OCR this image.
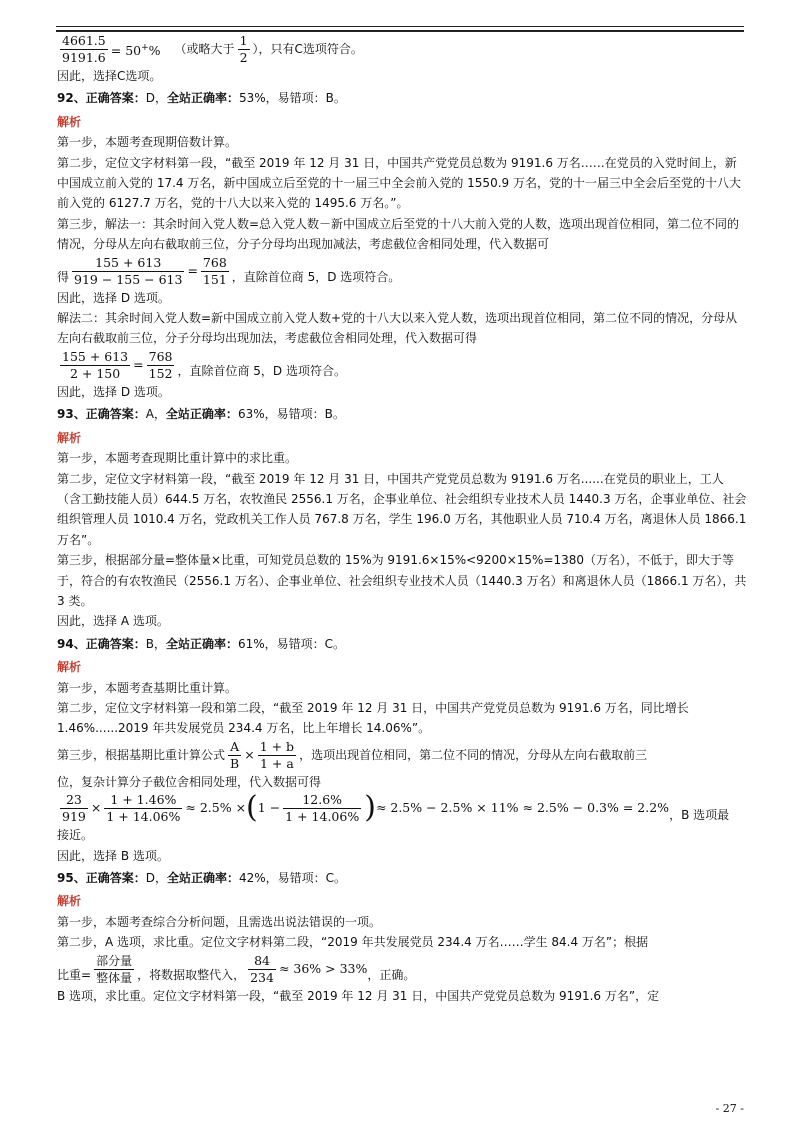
$\frac{4661.5}{9191.6} = 50^+\%$ （或略大于 $\frac{1}{2}$ ），只有C选项符合。
因此，选择C选项。
92、正确答案：D，全站正确率：53%，易错项：B。
解析
第一步，本题考查现期倍数计算。
第二步，定位文字材料第一段，“截至 2019 年 12 月 31 日，中国共产党党员总数为 9191.6 万名……在党员的入党时间上，新中国成立前入党的 17.4 万名，新中国成立后至党的十一届三中全会前入党的 1550.9 万名，党的十一届三中全会后至党的十八大前入党的 6127.7 万名，党的十八大以来入党的 1495.6 万名。”。
第三步，解法一：其余时间入党人数=总入党人数－新中国成立后至党的十八大前入党的人数，选项出现首位相同，第二位不同的情况，分母从左向右截取前三位，分子分母均出现加减法，考虑截位舍相同处理，代入数据可
得 $\frac{155 + 613}{919 - 155 - 613} = \frac{768}{151}$ ，直除首位商 5，D 选项符合。
因此，选择 D 选项。
解法二：其余时间入党人数=新中国成立前入党人数+党的十八大以来入党人数，选项出现首位相同，第二位不同的情况，分母从左向右截取前三位，分子分母均出现加法，考虑截位舍相同处理，代入数据可得
$\frac{155 + 613}{2 + 150} = \frac{768}{152}$ ，直除首位商 5，D 选项符合。
因此，选择 D 选项。
93、正确答案：A，全站正确率：63%，易错项：B。
解析
第一步，本题考查现期比重计算中的求比重。
第二步，定位文字材料第一段，“截至 2019 年 12 月 31 日，中国共产党党员总数为 9191.6 万名......在党员的职业上，工人（含工勤技能人员）644.5 万名，农牧渔民 2556.1 万名，企事业单位、社会组织专业技术人员 1440.3 万名，企事业单位、社会组织管理人员 1010.4 万名，党政机关工作人员 767.8 万名，学生 196.0 万名，其他职业人员 710.4 万名，离退休人员 1866.1 万名”。
第三步，根据部分量=整体量×比重，可知党员总数的 15%为 9191.6×15%<9200×15%=1380（万名），不低于，即大于等于，符合的有农牧渔民（2556.1 万名）、企事业单位、社会组织专业技术人员（1440.3 万名）和离退休人员（1866.1 万名），共 3 类。
因此，选择 A 选项。
94、正确答案：B，全站正确率：61%，易错项：C。
解析
第一步，本题考查基期比重计算。
第二步，定位文字材料第一段和第二段，“截至 2019 年 12 月 31 日，中国共产党党员总数为 9191.6 万名，同比增长 1.46%......2019 年共发展党员 234.4 万名，比上年增长 14.06%”。
第三步，根据基期比重计算公式 $\frac{A}{B} \times \frac{1 + b}{1 + a}$ ，选项出现首位相同，第二位不同的情况，分母从左向右截取前三
位，复杂计算分子截位舍相同处理，代入数据可得
$\frac{23}{919} \times \frac{1 + 1.46\%}{1 + 14.06\%} \approx 2.5\%$ × ( $1 - \frac{12.6\%}{1 + 14.06\%}$ ) ≈ 2.5% − 2.5% × 11% ≈ 2.5% − 0.3% = 2.2% ，B 选项最
接近。
因此，选择 B 选项。
95、正确答案：D，全站正确率：42%，易错项：C。
解析
第一步，本题考查综合分析问题，且需选出说法错误的一项。
第二步，A 选项，求比重。定位文字材料第二段，“2019 年共发展党员 234.4 万名……学生 84.4 万名”；根据
比重= $\frac{\text{部分量}}{\text{整体量}}$ ，将数据取整代入， $\frac{84}{234} \approx 36\% > 33\%$ ，正确。
B 选项，求比重。定位文字材料第一段，“截至 2019 年 12 月 31 日，中国共产党党员总数为 9191.6 万名”，定
- 27 -
